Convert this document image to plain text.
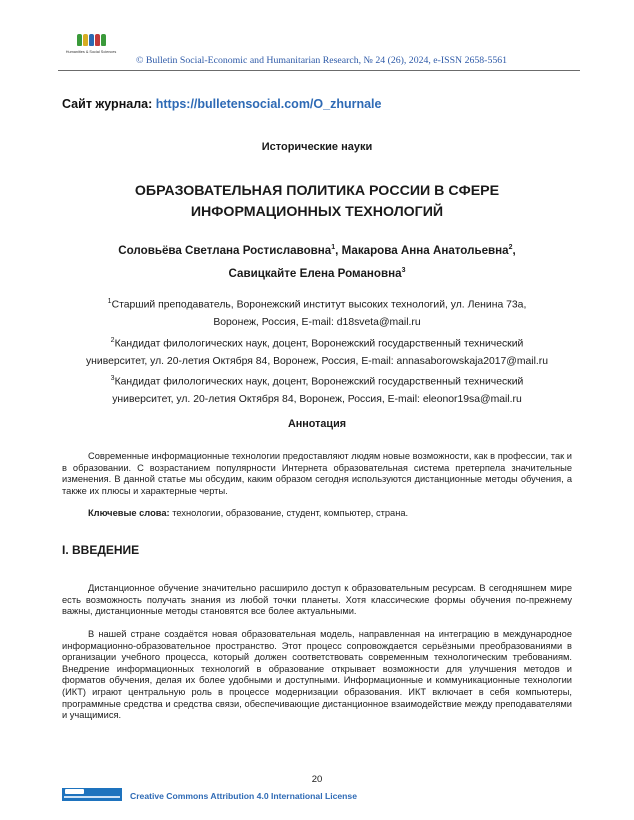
Humanities & Social Sciences
© Bulletin Social-Economic and Humanitarian Research, № 24 (26), 2024, e-ISSN 2658-5561
Сайт журнала: https://bulletensocial.com/O_zhurnale
Исторические науки
ОБРАЗОВАТЕЛЬНАЯ ПОЛИТИКА РОССИИ В СФЕРЕ
ИНФОРМАЦИОННЫХ ТЕХНОЛОГИЙ
Соловьёва Светлана Ростиславовна$^1$, Макарова Анна Анатольевна$^2$,
Савицкайте Елена Романовна$^3$
$^1$Старший преподаватель, Воронежский институт высоких технологий, ул. Ленина 73а,
Воронеж, Россия, E-mail: d18sveta@mail.ru
$^2$Кандидат филологических наук, доцент, Воронежский государственный технический
университет, ул. 20-летия Октября 84, Воронеж, Россия, E-mail: annasaborowskaja2017@mail.ru
$^3$Кандидат филологических наук, доцент, Воронежский государственный технический
университет, ул. 20-летия Октября 84, Воронеж, Россия, E-mail: eleonor19sa@mail.ru
Аннотация
Современные информационные технологии предоставляют людям новые возможности, как в профессии, так и в образовании. С возрастанием популярности Интернета образовательная система претерпела значительные изменения. В данной статье мы обсудим, каким образом сегодня используются дистанционные методы обучения, а также их плюсы и характерные черты.
Ключевые слова: технологии, образование, студент, компьютер, страна.
I. ВВЕДЕНИЕ
Дистанционное обучение значительно расширило доступ к образовательным ресурсам. В сегодняшнем мире есть возможность получать знания из любой точки планеты. Хотя классические формы обучения по-прежнему важны, дистанционные методы становятся все более актуальными.
В нашей стране создаётся новая образовательная модель, направленная на интеграцию в международное информационно-образовательное пространство. Этот процесс сопровождается серьёзными преобразованиями в организации учебного процесса, который должен соответствовать современным технологическим требованиям. Внедрение информационных технологий в образование открывает возможности для улучшения методов и форматов обучения, делая их более удобными и доступными. Информационные и коммуникационные технологии (ИКТ) играют центральную роль в процессе модернизации образования. ИКТ включает в себя компьютеры, программные средства и средства связи, обеспечивающие дистанционное взаимодействие между преподавателями и учащимися.
20
Creative Commons Attribution 4.0 International License
